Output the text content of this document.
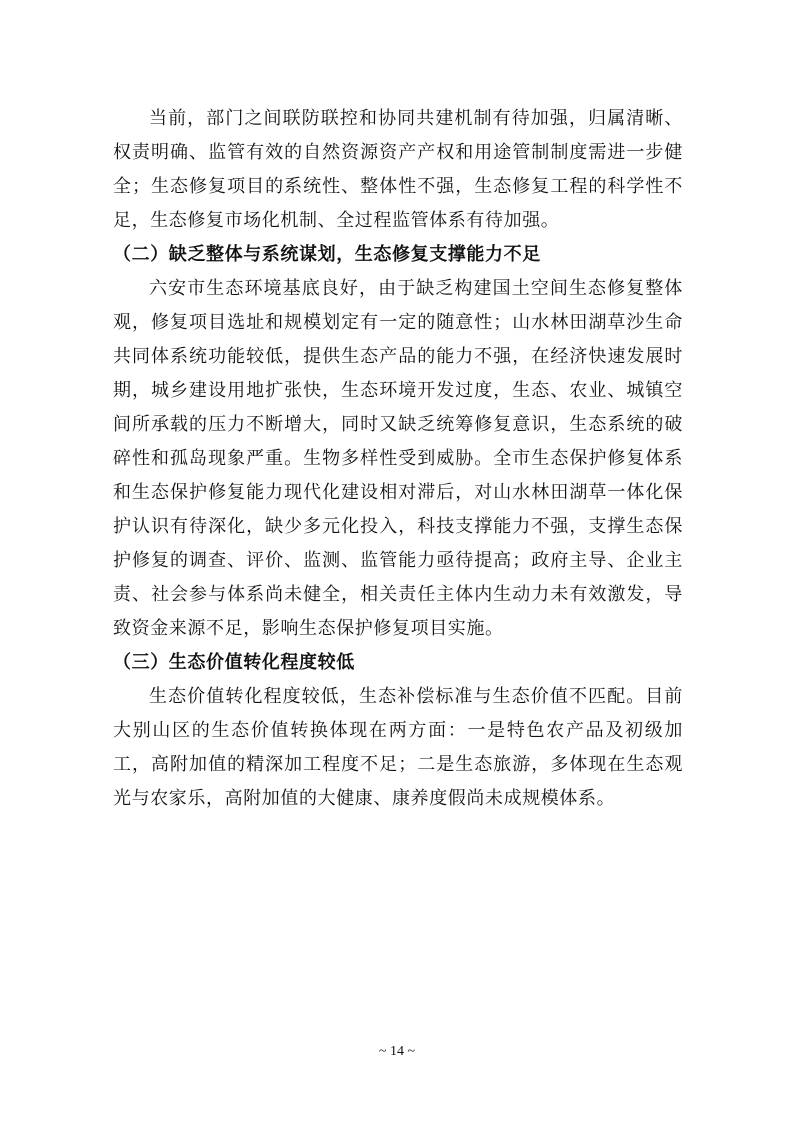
当前，部门之间联防联控和协同共建机制有待加强，归属清晰、权责明确、监管有效的自然资源资产产权和用途管制制度需进一步健全；生态修复项目的系统性、整体性不强，生态修复工程的科学性不足，生态修复市场化机制、全过程监管体系有待加强。

（二）缺乏整体与系统谋划，生态修复支撑能力不足

六安市生态环境基底良好，由于缺乏构建国土空间生态修复整体观，修复项目选址和规模划定有一定的随意性；山水林田湖草沙生命共同体系统功能较低，提供生态产品的能力不强，在经济快速发展时期，城乡建设用地扩张快，生态环境开发过度，生态、农业、城镇空间所承载的压力不断增大，同时又缺乏统筹修复意识，生态系统的破碎性和孤岛现象严重。生物多样性受到威胁。全市生态保护修复体系和生态保护修复能力现代化建设相对滞后，对山水林田湖草一体化保护认识有待深化，缺少多元化投入，科技支撑能力不强，支撑生态保护修复的调查、评价、监测、监管能力亟待提高；政府主导、企业主责、社会参与体系尚未健全，相关责任主体内生动力未有效激发，导致资金来源不足，影响生态保护修复项目实施。

（三）生态价值转化程度较低

生态价值转化程度较低，生态补偿标准与生态价值不匹配。目前大别山区的生态价值转换体现在两方面：一是特色农产品及初级加工，高附加值的精深加工程度不足；二是生态旅游，多体现在生态观光与农家乐，高附加值的大健康、康养度假尚未成规模体系。

~ 14 ~
